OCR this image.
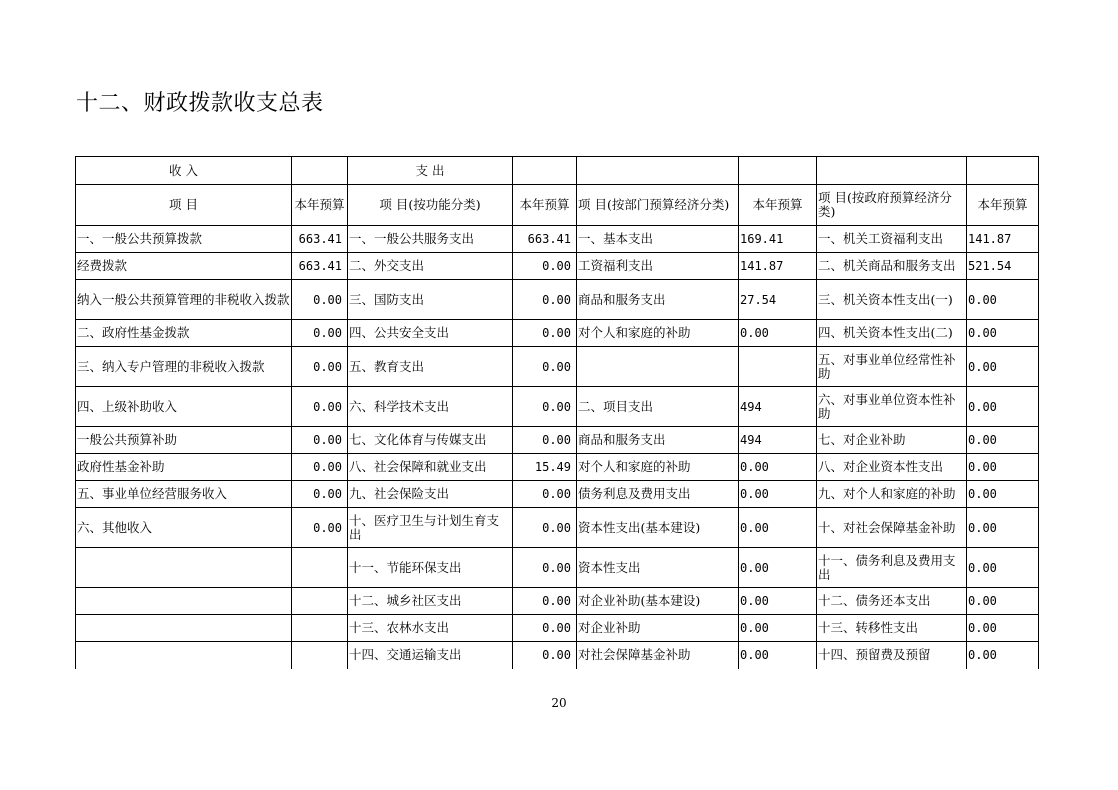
十二、财政拨款收支总表
收 入		支 出					
项 目	本年预算	项 目(按功能分类)	本年预算	项 目(按部门预算经济分类)	本年预算	项 目(按政府预算经济分类)	本年预算
一、一般公共预算拨款	663.41	一、一般公共服务支出	663.41	一、基本支出	169.41	一、机关工资福利支出	141.87
经费拨款	663.41	二、外交支出	0.00	工资福利支出	141.87	二、机关商品和服务支出	521.54
纳入一般公共预算管理的非税收入拨款	0.00	三、国防支出	0.00	商品和服务支出	27.54	三、机关资本性支出(一)	0.00
二、政府性基金拨款	0.00	四、公共安全支出	0.00	对个人和家庭的补助	0.00	四、机关资本性支出(二)	0.00
三、纳入专户管理的非税收入拨款	0.00	五、教育支出	0.00			五、对事业单位经常性补助	0.00
四、上级补助收入	0.00	六、科学技术支出	0.00	二、项目支出	494	六、对事业单位资本性补助	0.00
一般公共预算补助	0.00	七、文化体育与传媒支出	0.00	商品和服务支出	494	七、对企业补助	0.00
政府性基金补助	0.00	八、社会保障和就业支出	15.49	对个人和家庭的补助	0.00	八、对企业资本性支出	0.00
五、事业单位经营服务收入	0.00	九、社会保险支出	0.00	债务利息及费用支出	0.00	九、对个人和家庭的补助	0.00
六、其他收入	0.00	十、医疗卫生与计划生育支出	0.00	资本性支出(基本建设)	0.00	十、对社会保障基金补助	0.00
		十一、节能环保支出	0.00	资本性支出	0.00	十一、债务利息及费用支出	0.00
		十二、城乡社区支出	0.00	对企业补助(基本建设)	0.00	十二、债务还本支出	0.00
		十三、农林水支出	0.00	对企业补助	0.00	十三、转移性支出	0.00
		十四、交通运输支出	0.00	对社会保障基金补助	0.00	十四、预留费及预留	0.00
20
